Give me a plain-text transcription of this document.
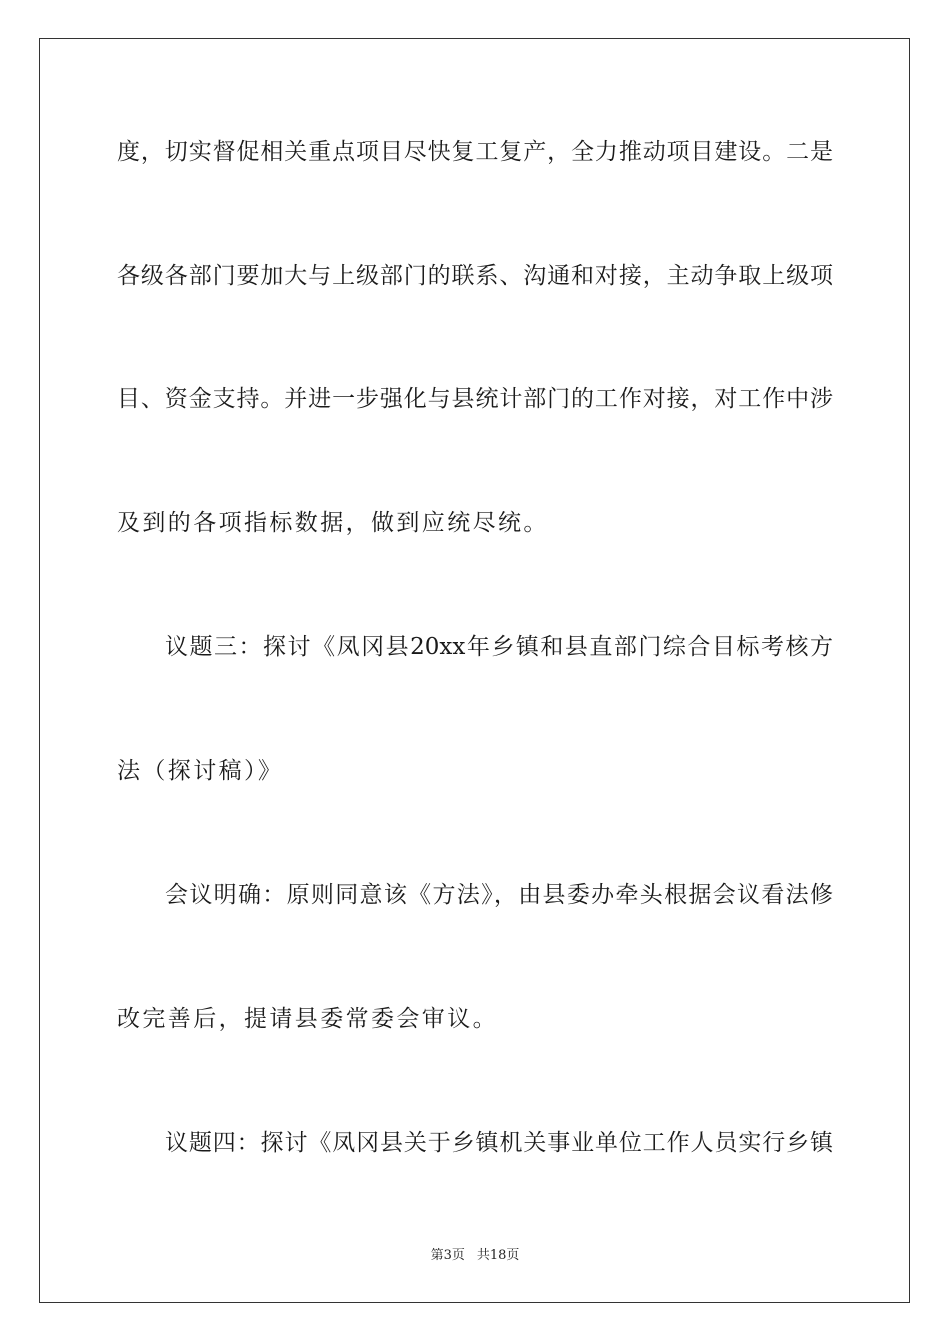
度，切实督促相关重点项目尽快复工复产，全力推动项目建设。二是
各级各部门要加大与上级部门的联系、沟通和对接，主动争取上级项
目、资金支持。并进一步强化与县统计部门的工作对接，对工作中涉
及到的各项指标数据，做到应统尽统。
议题三：探讨《凤冈县20xx年乡镇和县直部门综合目标考核方
法（探讨稿）》
会议明确：原则同意该《方法》，由县委办牵头根据会议看法修
改完善后，提请县委常委会审议。
议题四：探讨《凤冈县关于乡镇机关事业单位工作人员实行乡镇
第3页 共18页
